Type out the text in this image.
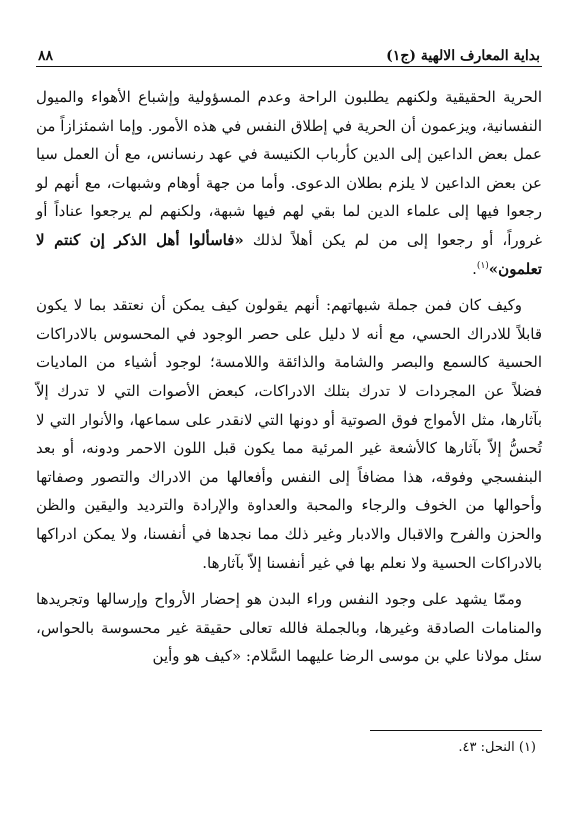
بداية المعارف الالهية (ج١)
٨٨

الحرية الحقيقية ولكنهم يطلبون الراحة وعدم المسؤولية وإشباع الأهواء والميول النفسانية، ويزعمون أن الحرية في إطلاق النفس في هذه الأمور. وإما اشمئزازاً من عمل بعض الداعين إلى الدين كأرباب الكنيسة في عهد رنسانس، مع أن العمل سيا عن بعض الداعين لا يلزم بطلان الدعوى. وأما من جهة أوهام وشبهات، مع أنهم لو رجعوا فيها إلى علماء الدين لما بقي لهم فيها شبهة، ولكنهم لم يرجعوا عناداً أو غروراً، أو رجعوا إلى من لم يكن أهلاً لذلك «فاسألوا أهل الذكر إن كنتم لا تعلمون»$^{(١)}$.

وكيف كان فمن جملة شبهاتهم: أنهم يقولون كيف يمكن أن نعتقد بما لا يكون قابلاً للادراك الحسي، مع أنه لا دليل على حصر الوجود في المحسوس بالادراكات الحسية كالسمع والبصر والشامة والذائقة واللامسة؛ لوجود أشياء من الماديات فضلاً عن المجردات لا تدرك بتلك الادراكات، كبعض الأصوات التي لا تدرك إلاّ بآثارها، مثل الأمواج فوق الصوتية أو دونها التي لانقدر على سماعها، والأنوار التي لا تُحسُّ إلاّ بآثارها كالأشعة غير المرئية مما يكون قبل اللون الاحمر ودونه، أو بعد البنفسجي وفوقه، هذا مضافاً إلى النفس وأفعالها من الادراك والتصور وصفاتها وأحوالها من الخوف والرجاء والمحبة والعداوة والإرادة والترديد واليقين والظن والحزن والفرح والاقبال والادبار وغير ذلك مما نجدها في أنفسنا، ولا يمكن ادراكها بالادراكات الحسية ولا نعلم بها في غير أنفسنا إلاّ بآثارها.

وممّا يشهد على وجود النفس وراء البدن هو إحضار الأرواح وإرسالها وتجريدها والمنامات الصادقة وغيرها، وبالجملة فالله تعالى حقيقة غير محسوسة بالحواس، سئل مولانا علي بن موسى الرضا عليهما السَّلام: «كيف هو وأين

(١) النحل: ٤٣.
